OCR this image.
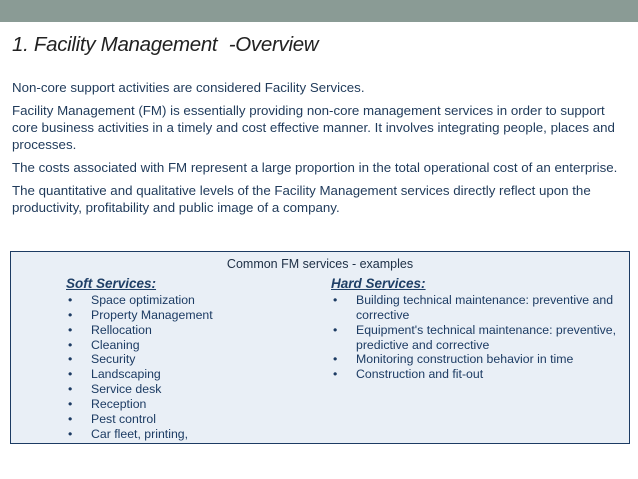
1. Facility Management -Overview

Non-core support activities are considered Facility Services.

Facility Management (FM) is essentially providing non-core management services in order to support core business activities in a timely and cost effective manner. It involves integrating people, places and processes.

The costs associated with FM represent a large proportion in the total operational cost of an enterprise.

The quantitative and qualitative levels of the Facility Management services directly reflect upon the productivity, profitability and public image of a company.

Common FM services - examples
Soft Services:
• Space optimization
• Property Management
• Rellocation
• Cleaning
• Security
• Landscaping
• Service desk
• Reception
• Pest control
• Car fleet, printing,
Hard Services:
• Building technical maintenance: preventive and corrective
• Equipment's technical maintenance: preventive, predictive and corrective
• Monitoring construction behavior in time
• Construction and fit-out
